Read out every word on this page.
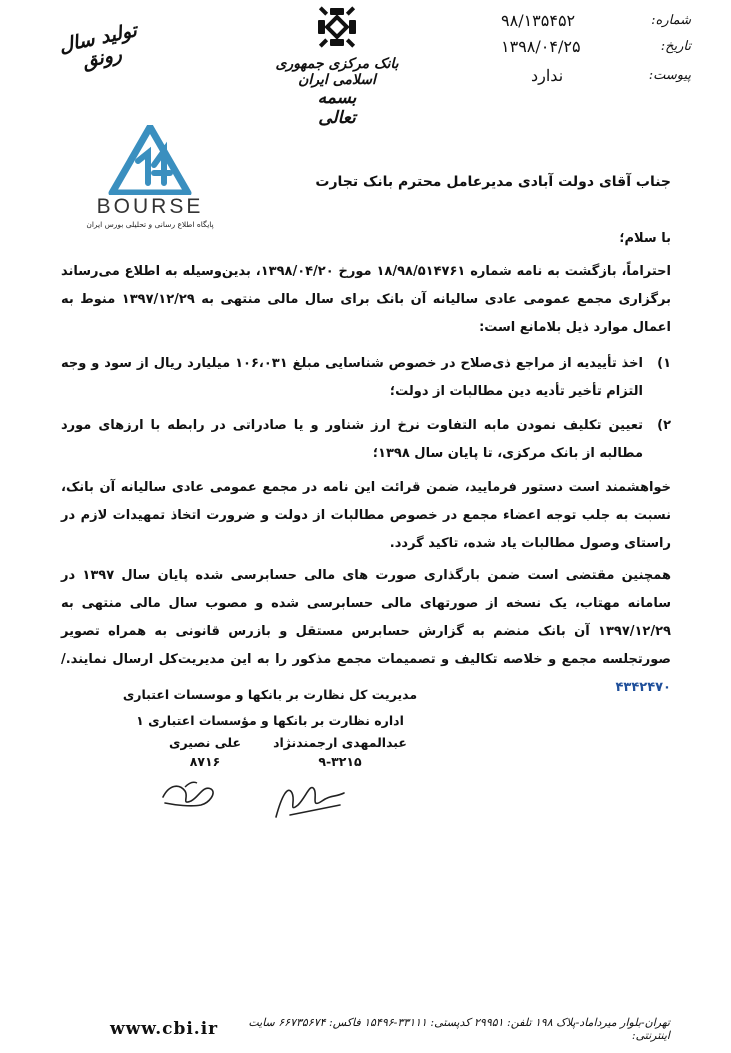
شماره:
۹۸/۱۳۵۴۵۲
تاریخ:
۱۳۹۸/۰۴/۲۵
پیوست:
ندارد
بانک مرکزی جمهوری اسلامی ایران
بسمه تعالی
تولید سال رونق
BOURSE
پایگاه اطلاع رسانی و تحلیلی بورس ایران
جناب آقای دولت آبادی مدیرعامل محترم بانک تجارت
با سلام؛
احتراماً، بازگشت به نامه شماره ۱۸/۹۸/۵۱۴۷۶۱ مورخ ۱۳۹۸/۰۴/۲۰، بدین‌وسیله به اطلاع می‌رساند برگزاری مجمع عمومی عادی سالیانه آن بانک برای سال مالی منتهی به ۱۳۹۷/۱۲/۲۹ منوط به اعمال موارد ذیل بلامانع است:
۱)
اخذ تأییدیه از مراجع ذی‌صلاح در خصوص شناسایی مبلغ ۱۰۶،۰۳۱ میلیارد ریال از سود و وجه التزام تأخیر تأدیه دین مطالبات از دولت؛
۲)
تعیین تکلیف نمودن مابه التفاوت نرخ ارز شناور و یا صادراتی در رابطه با ارزهای مورد مطالبه از بانک مرکزی، تا پایان سال ۱۳۹۸؛
خواهشمند است دستور فرمایید، ضمن قرائت این نامه در مجمع عمومی عادی سالیانه آن بانک، نسبت به جلب توجه اعضاء مجمع در خصوص مطالبات از دولت و ضرورت اتخاذ تمهیدات لازم در راستای وصول مطالبات یاد شده، تاکید گردد.
همچنین مقتضی است ضمن بارگذاری صورت های مالی حسابرسی شده پایان سال ۱۳۹۷ در سامانه مهتاب، یک نسخه از صورتهای مالی حسابرسی شده و مصوب سال مالی منتهی به ۱۳۹۷/۱۲/۲۹ آن بانک منضم به گزارش حسابرس مستقل و بازرس قانونی به همراه تصویر صورتجلسه مجمع و خلاصه تکالیف و تصمیمات مجمع مذکور را به این مدیریت‌کل ارسال نمایند./ ۴۳۴۲۴۷۰
مدیریت کل نظارت بر بانکها و موسسات اعتباری
اداره نظارت بر بانکها و مؤسسات اعتباری ۱
عبدالمهدی ارجمندنژاد
۹-۳۲۱۵
علی نصیری
۸۷۱۶
تهران-بلوار میرداماد-پلاک ۱۹۸ تلفن: ۲۹۹۵۱ کدپستی: ۳۳۱۱۱-۱۵۴۹۶ فاکس: ۶۶۷۳۵۶۷۴ سایت اینترنتی:
www.cbi.ir
